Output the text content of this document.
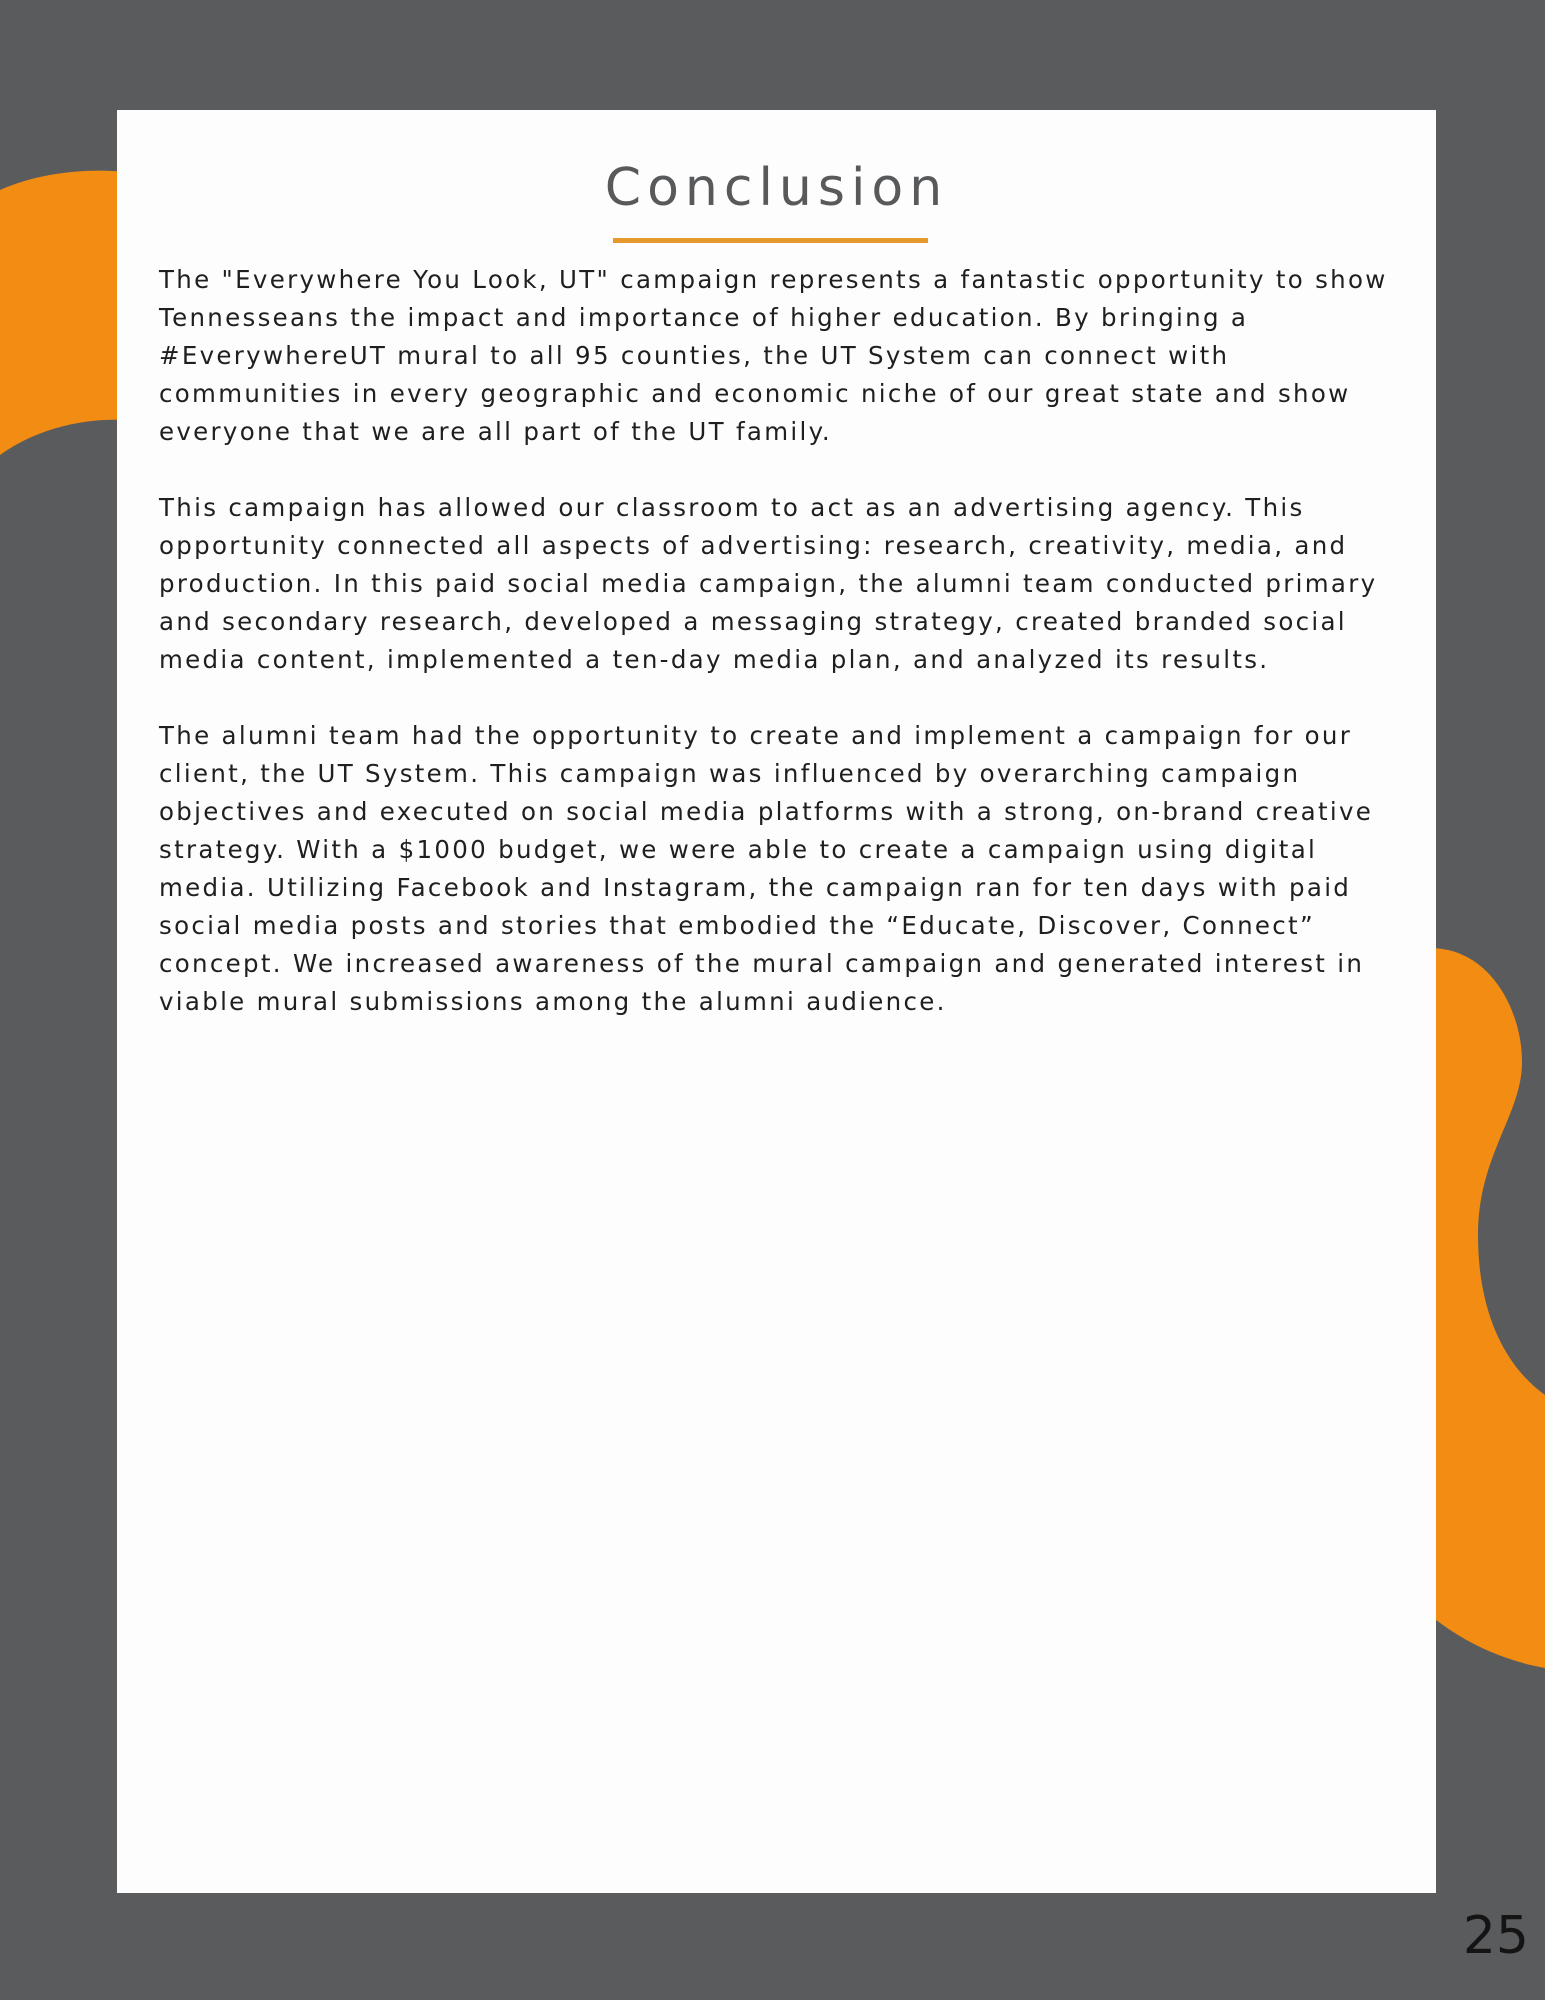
Conclusion

The "Everywhere You Look, UT" campaign represents a fantastic opportunity to show Tennesseans the impact and importance of higher education. By bringing a #EverywhereUT mural to all 95 counties, the UT System can connect with communities in every geographic and economic niche of our great state and show everyone that we are all part of the UT family.

This campaign has allowed our classroom to act as an advertising agency. This opportunity connected all aspects of advertising: research, creativity, media, and production. In this paid social media campaign, the alumni team conducted primary and secondary research, developed a messaging strategy, created branded social media content, implemented a ten-day media plan, and analyzed its results.

The alumni team had the opportunity to create and implement a campaign for our client, the UT System. This campaign was influenced by overarching campaign objectives and executed on social media platforms with a strong, on-brand creative strategy. With a $1000 budget, we were able to create a campaign using digital media. Utilizing Facebook and Instagram, the campaign ran for ten days with paid social media posts and stories that embodied the “Educate, Discover, Connect” concept. We increased awareness of the mural campaign and generated interest in viable mural submissions among the alumni audience.

25
